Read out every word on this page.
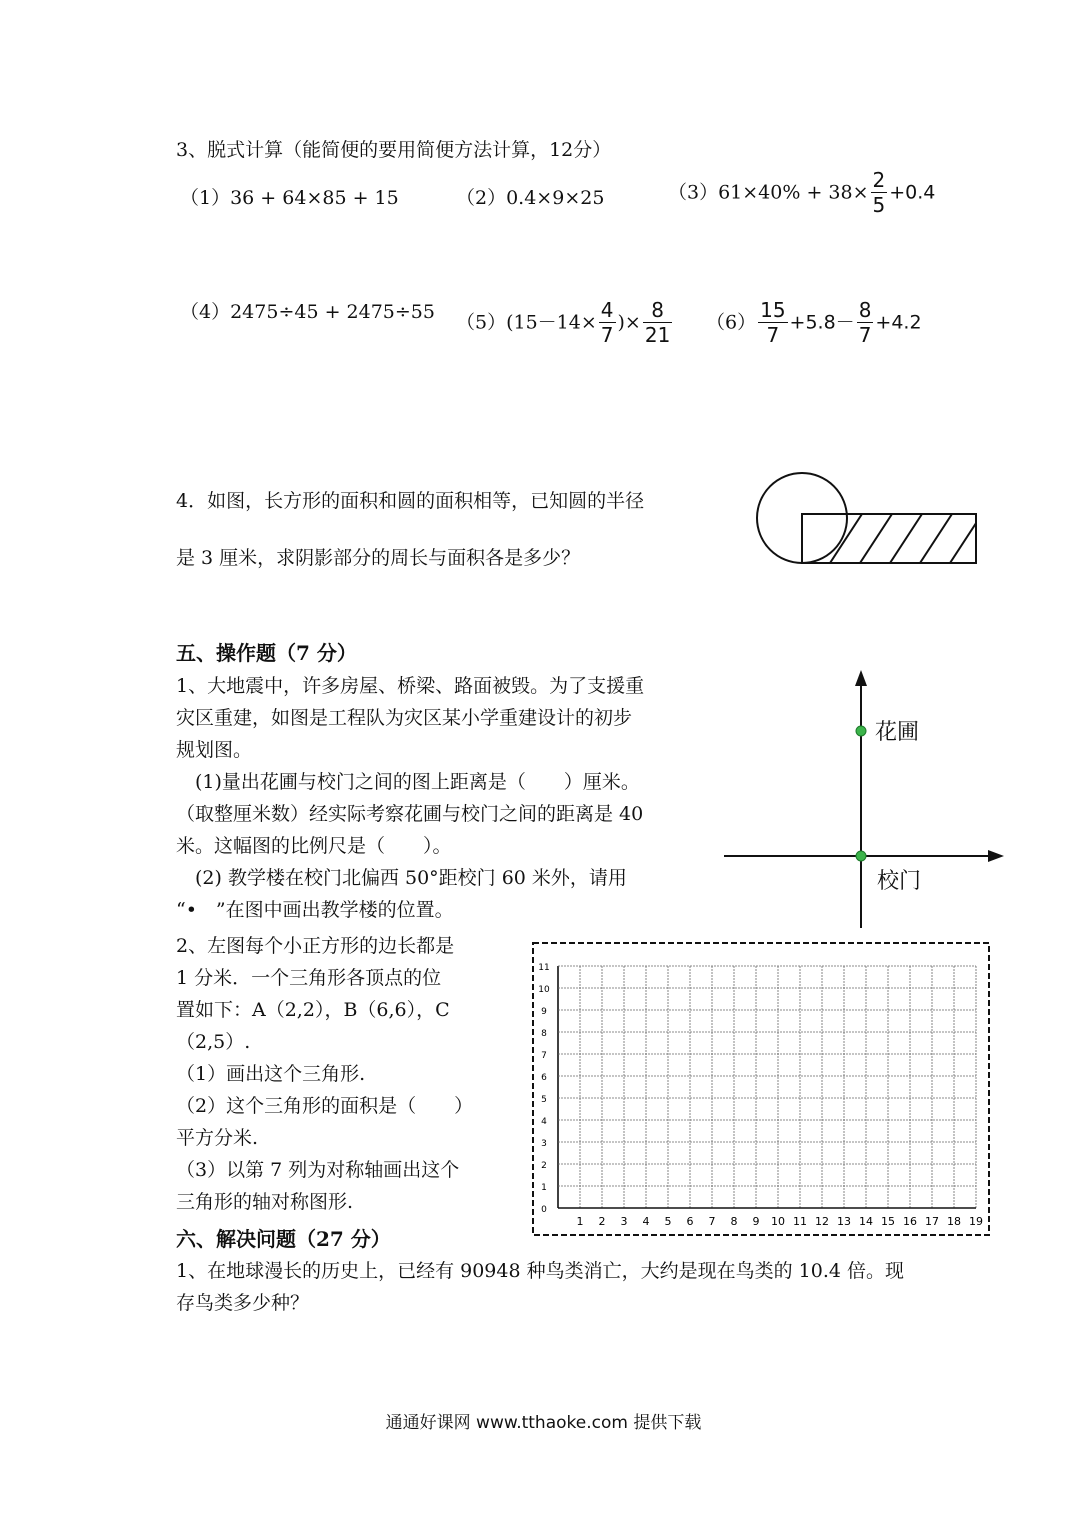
3、脱式计算（能简便的要用简便方法计算，12分）
（1）36 + 64×85 + 15	（2）0.4×9×25	$(3)61\times 40\% + 38\times \frac{2}{5} +0.4$
（4）2475÷45 + 2475÷55 $(5)(15-14\times \frac{4}{7}$ )× $\frac{8}{21} (6) \frac{15}{7} +5.8- \frac{8}{7} +4.2$
4．如图，长方形的面积和圆的面积相等，已知圆的半径
是 3 厘米，求阴影部分的周长与面积各是多少？
五、操作题（7 分）
1、大地震中，许多房屋、桥梁、路面被毁。为了支援重
灾区重建，如图是工程队为灾区某小学重建设计的初步
规划图。
　(1)量出花圃与校门之间的图上距离是（　　）厘米。
（取整厘米数）经实际考察花圃与校门之间的距离是 40
米。这幅图的比例尺是（　　）。
　(2) 教学楼在校门北偏西 50°距校门 60 米外，请用
“•　”在图中画出教学楼的位置。
花圃
校门
2、左图每个小正方形的边长都是
1 分米．一个三角形各顶点的位
置如下：A（2,2），B（6,6），C
（2,5）.
（1）画出这个三角形.
（2）这个三角形的面积是（　　）
平方分米.
（3）以第 7 列为对称轴画出这个
三角形的轴对称图形.
1 2 3 4 5 6 7 8 9 10 11 12 13 14 15 16 17 18 19
0
1
2
3
4
5
6
7
8
9
10
11
六、解决问题（27 分）
1、在地球漫长的历史上，已经有 90948 种鸟类消亡，大约是现在鸟类的 10.4 倍。现
存鸟类多少种？
通通好课网 www.tthaoke.com 提供下载
